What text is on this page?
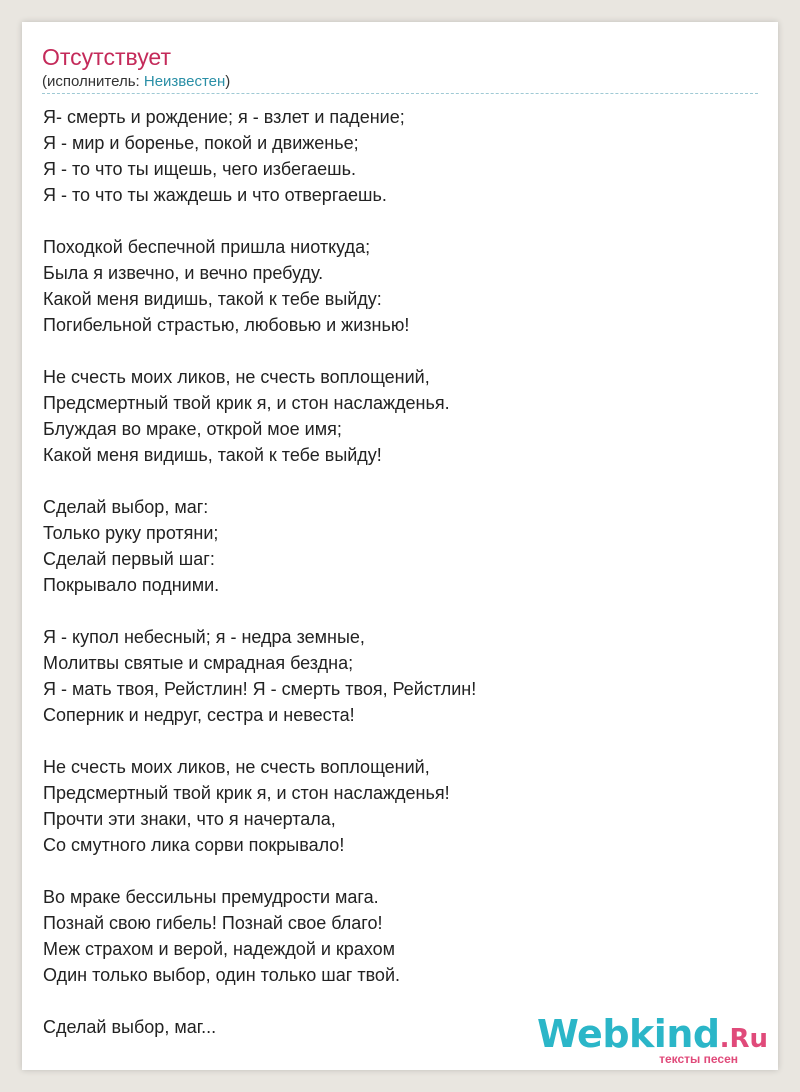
Отсутствует
(исполнитель: Неизвестен)
Я- смерть и рождение; я - взлет и падение;
Я - мир и боренье, покой и движенье;
Я - то что ты ищешь, чего избегаешь.
Я - то что ты жаждешь и что отвергаешь.
Походкой беспечной пришла ниоткуда;
Была я извечно, и вечно пребуду.
Какой меня видишь, такой к тебе выйду:
Погибельной страстью, любовью и жизнью!
Не счесть моих ликов, не счесть воплощений,
Предсмертный твой крик я, и стон наслажденья.
Блуждая во мраке, открой мое имя;
Какой меня видишь, такой к тебе выйду!
Сделай выбор, маг:
Только руку протяни;
Сделай первый шаг:
Покрывало подними.
Я - купол небесный; я - недра земные,
Молитвы святые и смрадная бездна;
Я - мать твоя, Рейстлин! Я - смерть твоя, Рейстлин!
Соперник и недруг, сестра и невеста!
Не счесть моих ликов, не счесть воплощений,
Предсмертный твой крик я, и стон наслажденья!
Прочти эти знаки, что я начертала,
Со смутного лика сорви покрывало!
Во мраке бессильны премудрости мага.
Познай свою гибель! Познай свое благо!
Меж страхом и верой, надеждой и крахом
Один только выбор, один только шаг твой.
Сделай выбор, маг...	Webkind.Ru
тексты песен
